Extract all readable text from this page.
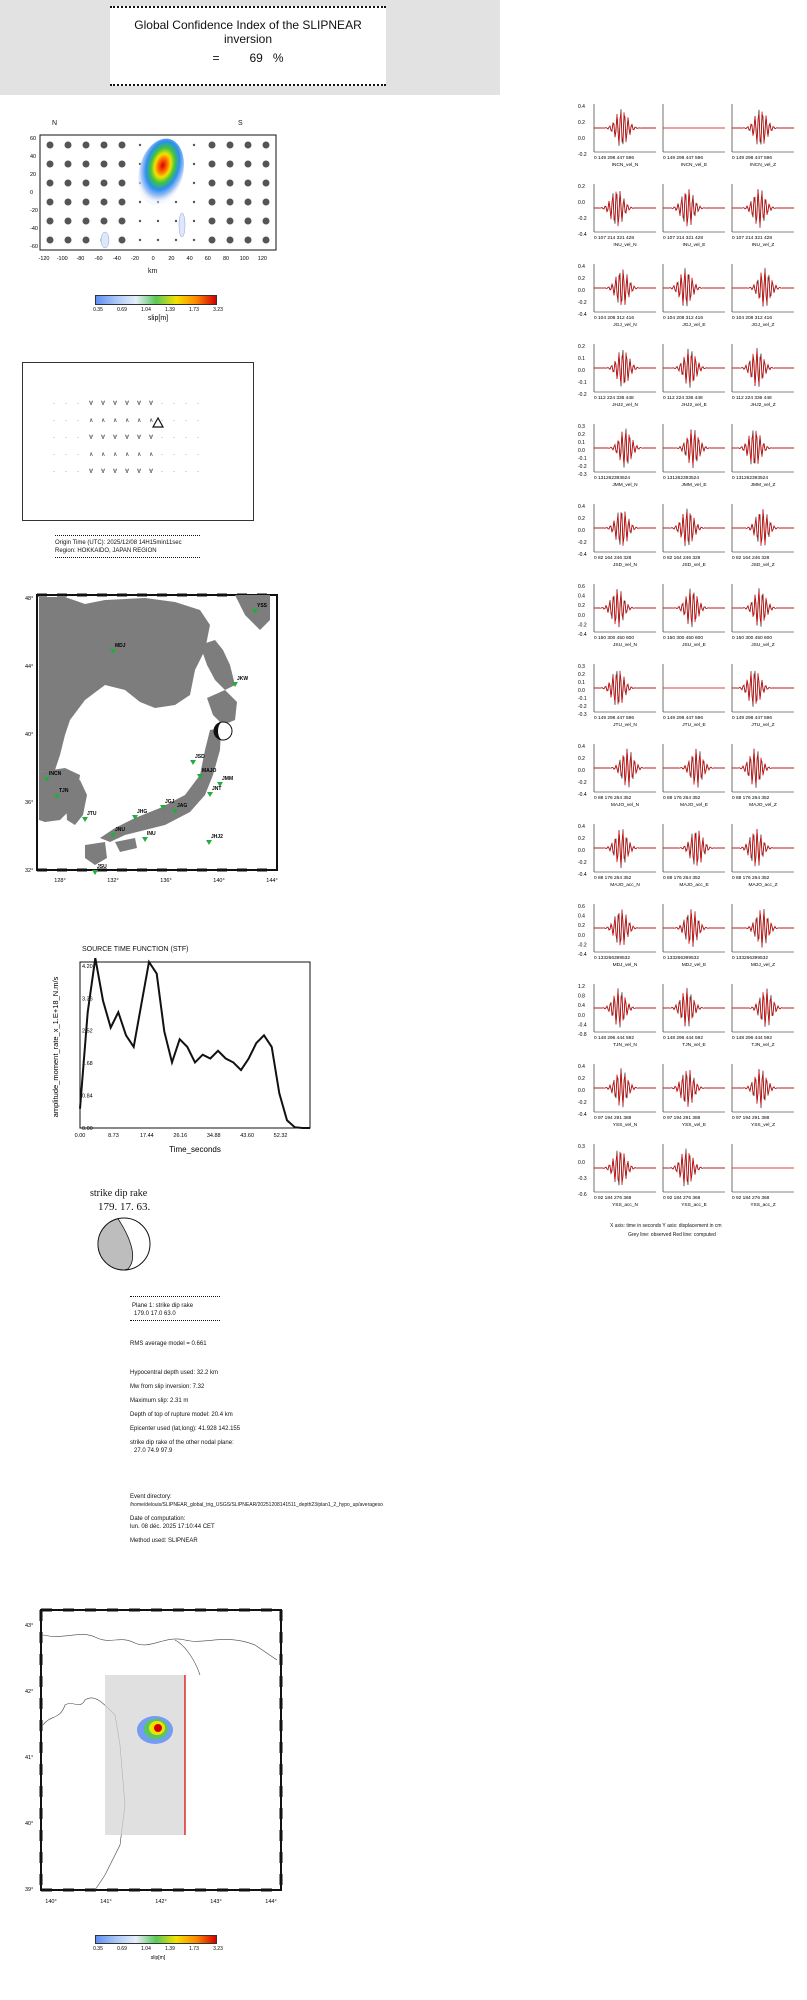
Global Confidence Index of the SLIPNEAR inversion
=	69 %
N	S
60
40
20
0
-20
-40
-60
-120 -100 -80 -60 -40 -20 0 20 40 60 80 100 120
km
0.35	0.69	1.04	1.39	1.73	3.23
slip[m]
· · · ∀ ∀ ∀ ∀ ∀ ∀ · · · ·
· · · ∧ ∧ ∧ ∧ ∧ ∧ · · · ·
· · · ∀ ∀ ∀ ∀ ∀ ∀ · · · ·
· · · ∧ ∧ ∧ ∧ ∧ ∧ · · · ·
· · · ∀ ∀ ∀ ∀ ∀ ∀ · · · ·
Origin Time (UTC): 2025/12/08 14H15min11sec
Region: HOKKAIDO, JAPAN REGION
YSS
MDJ
JKW
INCN
TJN
JSD
JMM
JNT
MAJO
JTU	JHG
JAG
JHJ2
JSU
JGJ
JNU
INU
48°
44°
40°
36°
32°
128°	132°	136°	140°	144°
SOURCE TIME FUNCTION (STF)
0.00
0.84
1.68
2.52
3.36
4.20
0.00	8.73	17.44	26.16	34.88	43.60	52.32
amplitude_moment_rate_x_1.E+18_N.m/s
Time_seconds
strike dip rake
179. 17. 63.
Plane 1: strike dip rake
179.0 17.0 63.0
RMS average model = 0.661
Hypocentral depth used: 32.2 km
Mw from slip inversion: 7.32
Maximum slip: 2.31 m
Depth of top of rupture model: 20.4 km
Epicenter used (lat,long): 41.928 142.155
strike dip rake of the other nodal plane:
27.0 74.9 97.9
Event directory:
/home/delouis/SLIPNEAR_global_trig_USGS/SLIPNEAR/20251208141511_depth23/plan1_2_hypo_up/averageso
Date of computation:
lun. 08 déc. 2025 17:10:44 CET
Method used: SLIPNEAR
43°
42°
41°
40°
39°
140°	141°	142°	143°	144°
0.35	0.69	1.04	1.39	1.73	3.23
slip[m]
0.4
0.2
0.0
-0.2
0 149 298 447 596
INCN_vel_N
0 149 298 447 596
INCN_vel_E
0 149 298 447 596
INCN_vel_Z
0.2
0.0
-0.2
-0.4
0 107 214 321 428
INU_vel_N
0 107 214 321 428
INU_vel_E
0 107 214 321 428
INU_vel_Z
0.4
0.2
0.0
-0.2
-0.4
0 104 208 312 416
JGJ_vel_N
0 104 208 312 416
JGJ_vel_E
0 104 208 312 416
JGJ_vel_Z
0.2
0.1
0.0
-0.1
-0.2
0 112 224 336 448
JHJ2_vel_N
0 112 224 336 448
JHJ2_vel_E
0 112 224 336 448
JHJ2_vel_Z
0.3
0.2
0.1
0.0
-0.1
-0.2
-0.3
0 131262393524
JMM_vel_N
0 131262393524
JMM_vel_E
0 131262393524
JMM_vel_Z
0.4
0.2
0.0
-0.2
-0.4
0 82 164 246 328
JSD_vel_N
0 82 164 246 328
JSD_vel_E
0 82 164 246 328
JSD_vel_Z
0.6
0.4
0.2
0.0
-0.2
-0.4
0 150 300 450 600
JSU_vel_N
0 150 300 450 600
JSU_vel_E
0 150 300 450 600
JSU_vel_Z
0.3
0.2
0.1
0.0
-0.1
-0.2
-0.3
0 149 298 447 596
JTU_vel_N
0 149 298 447 596
JTU_vel_E
0 149 298 447 596
JTU_vel_Z
0.4
0.2
0.0
-0.2
-0.4
0 88 176 264 352
MAJO_vel_N
0 88 176 264 352
MAJO_vel_E
0 88 176 264 352
MAJO_vel_Z
0.4
0.2
0.0
-0.2
-0.4
0 88 176 264 352
MAJO_acc_N
0 88 176 264 352
MAJO_acc_E
0 88 176 264 352
MAJO_acc_Z
0.6
0.4
0.2
0.0
-0.2
-0.4
0 133266399532
MDJ_vel_N
0 133266399532
MDJ_vel_E
0 133266399532
MDJ_vel_Z
1.2
0.8
0.4
0.0
-0.4
-0.8
0 148 296 444 592
TJN_vel_N
0 148 296 444 592
TJN_vel_E
0 148 296 444 592
TJN_vel_Z
0.4
0.2
0.0
-0.2
-0.4
0 97 194 291 388
YSS_vel_N
0 97 194 291 388
YSS_vel_E
0 97 194 291 388
YSS_vel_Z
0.3
0.0
-0.3
-0.6
0 92 184 276 368
YSS_acc_N
0 92 184 276 368
YSS_acc_E
0 92 184 276 368
YSS_acc_Z
X axis: time in seconds Y axis: displacement in cm
Grey line: observed Red line: computed
